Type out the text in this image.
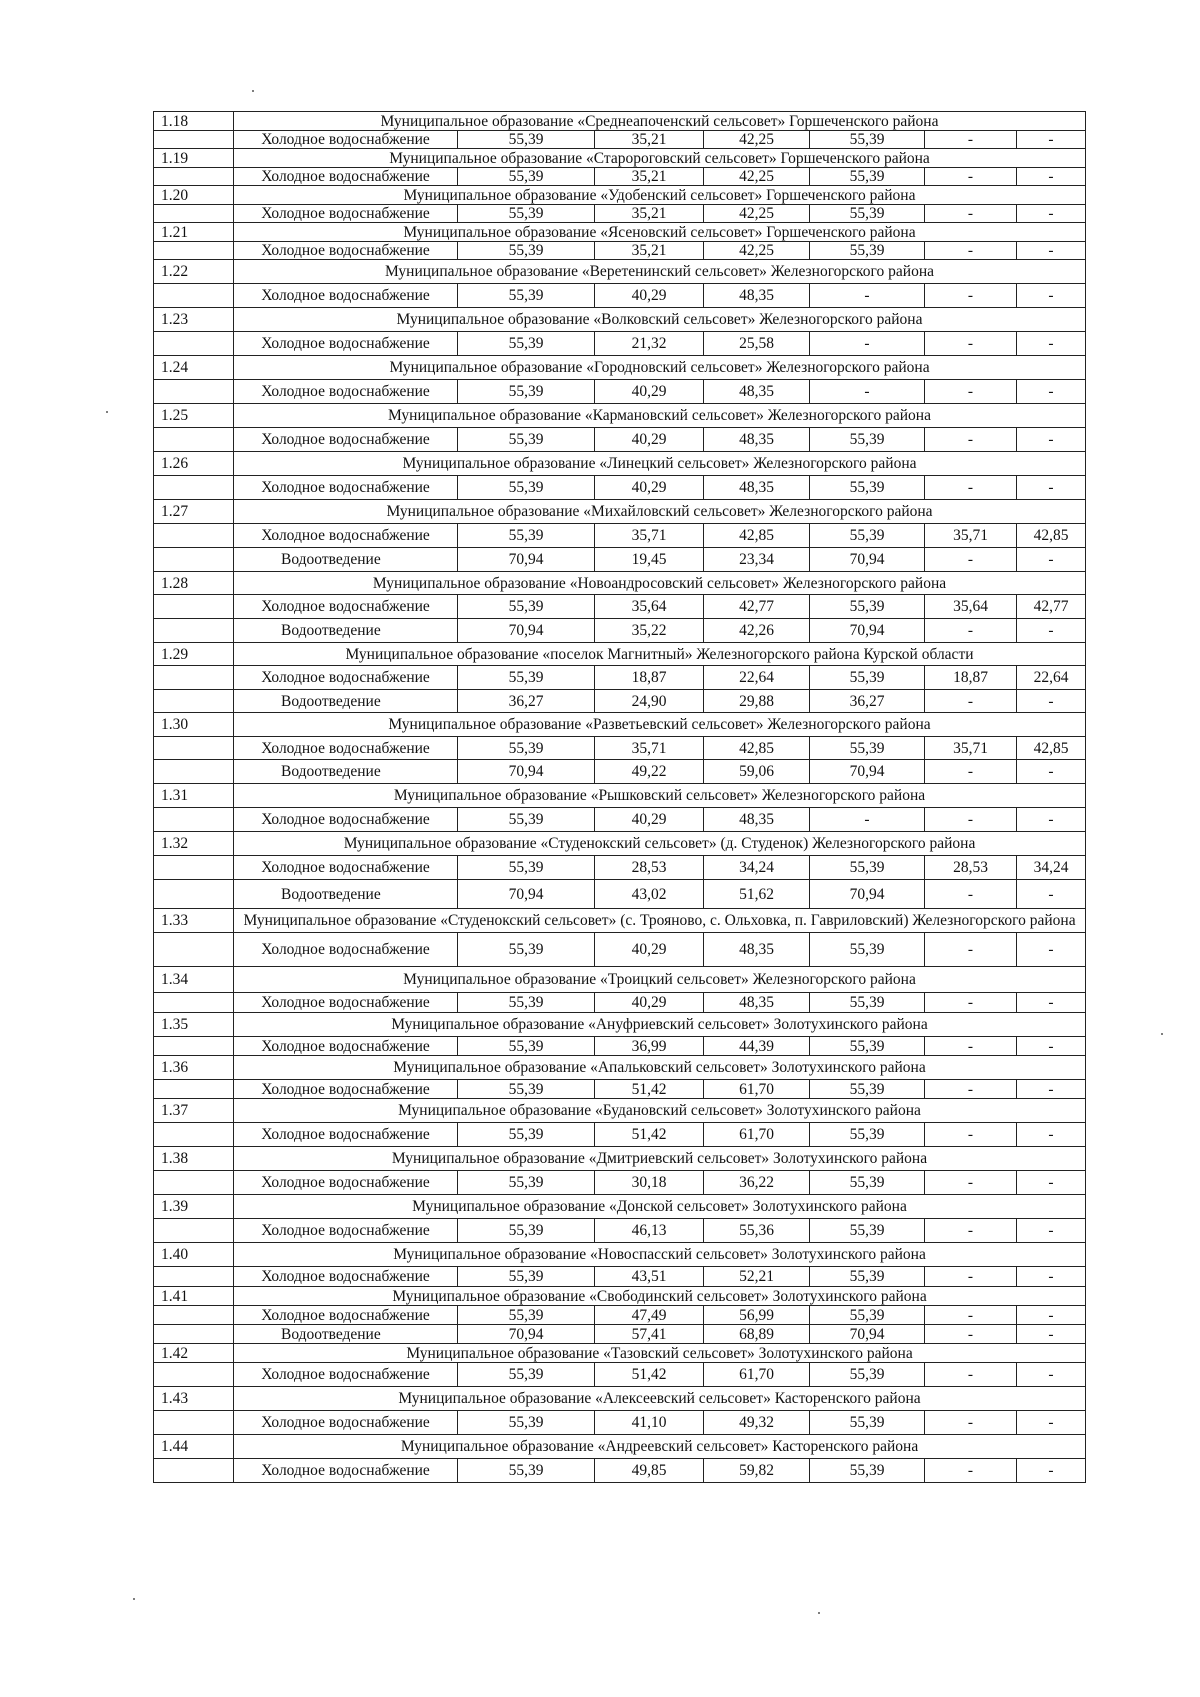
1.18	Муниципальное образование «Среднеапоченский сельсовет» Горшеченского района						
	Холодное водоснабжение	55,39	35,21	42,25	55,39	-	-
1.19	Муниципальное образование «Старороговский сельсовет» Горшеченского района						
	Холодное водоснабжение	55,39	35,21	42,25	55,39	-	-
1.20	Муниципальное образование «Удобенский сельсовет» Горшеченского района						
	Холодное водоснабжение	55,39	35,21	42,25	55,39	-	-
1.21	Муниципальное образование «Ясеновский сельсовет» Горшеченского района						
	Холодное водоснабжение	55,39	35,21	42,25	55,39	-	-
1.22	Муниципальное образование «Веретенинский сельсовет» Железногорского района						
	Холодное водоснабжение	55,39	40,29	48,35	-	-	-
1.23	Муниципальное образование «Волковский сельсовет» Железногорского района						
	Холодное водоснабжение	55,39	21,32	25,58	-	-	-
1.24	Муниципальное образование «Городновский сельсовет» Железногорского района						
	Холодное водоснабжение	55,39	40,29	48,35	-	-	-
1.25	Муниципальное образование «Кармановский сельсовет» Железногорского района						
	Холодное водоснабжение	55,39	40,29	48,35	55,39	-	-
1.26	Муниципальное образование «Линецкий сельсовет» Железногорского района						
	Холодное водоснабжение	55,39	40,29	48,35	55,39	-	-
1.27	Муниципальное образование «Михайловский сельсовет» Железногорского района						
	Холодное водоснабжение	55,39	35,71	42,85	55,39	35,71	42,85
	Водоотведение	70,94	19,45	23,34	70,94	-	-
1.28	Муниципальное образование «Новоандросовский сельсовет» Железногорского района						
	Холодное водоснабжение	55,39	35,64	42,77	55,39	35,64	42,77
	Водоотведение	70,94	35,22	42,26	70,94	-	-
1.29	Муниципальное образование «поселок Магнитный» Железногорского района Курской области						
	Холодное водоснабжение	55,39	18,87	22,64	55,39	18,87	22,64
	Водоотведение	36,27	24,90	29,88	36,27	-	-
1.30	Муниципальное образование «Разветьевский сельсовет» Железногорского района						
	Холодное водоснабжение	55,39	35,71	42,85	55,39	35,71	42,85
	Водоотведение	70,94	49,22	59,06	70,94	-	-
1.31	Муниципальное образование «Рышковский сельсовет» Железногорского района						
	Холодное водоснабжение	55,39	40,29	48,35	-	-	-
1.32	Муниципальное образование «Студенокский сельсовет» (д. Студенок) Железногорского района						
	Холодное водоснабжение	55,39	28,53	34,24	55,39	28,53	34,24
	Водоотведение	70,94	43,02	51,62	70,94	-	-
1.33	Муниципальное образование «Студенокский сельсовет» (с. Трояново, с. Ольховка, п. Гавриловский) Железногорского района						
	Холодное водоснабжение	55,39	40,29	48,35	55,39	-	-
1.34	Муниципальное образование «Троицкий сельсовет» Железногорского района						
	Холодное водоснабжение	55,39	40,29	48,35	55,39	-	-
1.35	Муниципальное образование «Ануфриевский сельсовет» Золотухинского района						
	Холодное водоснабжение	55,39	36,99	44,39	55,39	-	-
1.36	Муниципальное образование «Апальковский сельсовет» Золотухинского района						
	Холодное водоснабжение	55,39	51,42	61,70	55,39	-	-
1.37	Муниципальное образование «Будановский сельсовет» Золотухинского района						
	Холодное водоснабжение	55,39	51,42	61,70	55,39	-	-
1.38	Муниципальное образование «Дмитриевский сельсовет» Золотухинского района						
	Холодное водоснабжение	55,39	30,18	36,22	55,39	-	-
1.39	Муниципальное образование «Донской сельсовет» Золотухинского района						
	Холодное водоснабжение	55,39	46,13	55,36	55,39	-	-
1.40	Муниципальное образование «Новоспасский сельсовет» Золотухинского района						
	Холодное водоснабжение	55,39	43,51	52,21	55,39	-	-
1.41	Муниципальное образование «Свободинский сельсовет» Золотухинского района						
	Холодное водоснабжение	55,39	47,49	56,99	55,39	-	-
	Водоотведение	70,94	57,41	68,89	70,94	-	-
1.42	Муниципальное образование «Тазовский сельсовет» Золотухинского района						
	Холодное водоснабжение	55,39	51,42	61,70	55,39	-	-
1.43	Муниципальное образование «Алексеевский сельсовет» Касторенского района						
	Холодное водоснабжение	55,39	41,10	49,32	55,39	-	-
1.44	Муниципальное образование «Андреевский сельсовет» Касторенского района						
	Холодное водоснабжение	55,39	49,85	59,82	55,39	-	-
